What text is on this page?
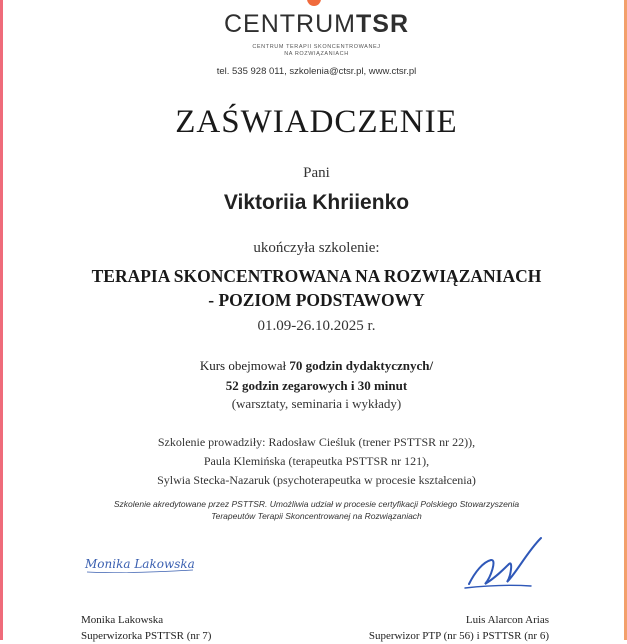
CENTRUMTSR
CENTRUM TERAPII SKONCENTROWANEJ
NA ROZWIĄZANIACH
tel. 535 928 011, szkolenia@ctsr.pl, www.ctsr.pl
ZAŚWIADCZENIE
Pani
Viktoriia Khriienko
ukończyła szkolenie:
TERAPIA SKONCENTROWANA NA ROZWIĄZANIACH
- POZIOM PODSTAWOWY
01.09-26.10.2025 r.
Kurs obejmował 70 godzin dydaktycznych/
52 godzin zegarowych i 30 minut
(warsztaty, seminaria i wykłady)
Szkolenie prowadziły: Radosław Cieśluk (trener PSTTSR nr 22)),
Paula Klemińska (terapeutka PSTTSR nr 121),
Sylwia Stecka-Nazaruk (psychoterapeutka w procesie kształcenia)
Szkolenie akredytowane przez PSTTSR. Umożliwia udział w procesie certyfikacji Polskiego Stowarzyszenia
Terapeutów Terapii Skoncentrowanej na Rozwiązaniach
Monika Lakowska
Monika Lakowska
Superwizorka PSTTSR (nr 7)
Luis Alarcon Arias
Superwizor PTP (nr 56) i PSTTSR (nr 6)
